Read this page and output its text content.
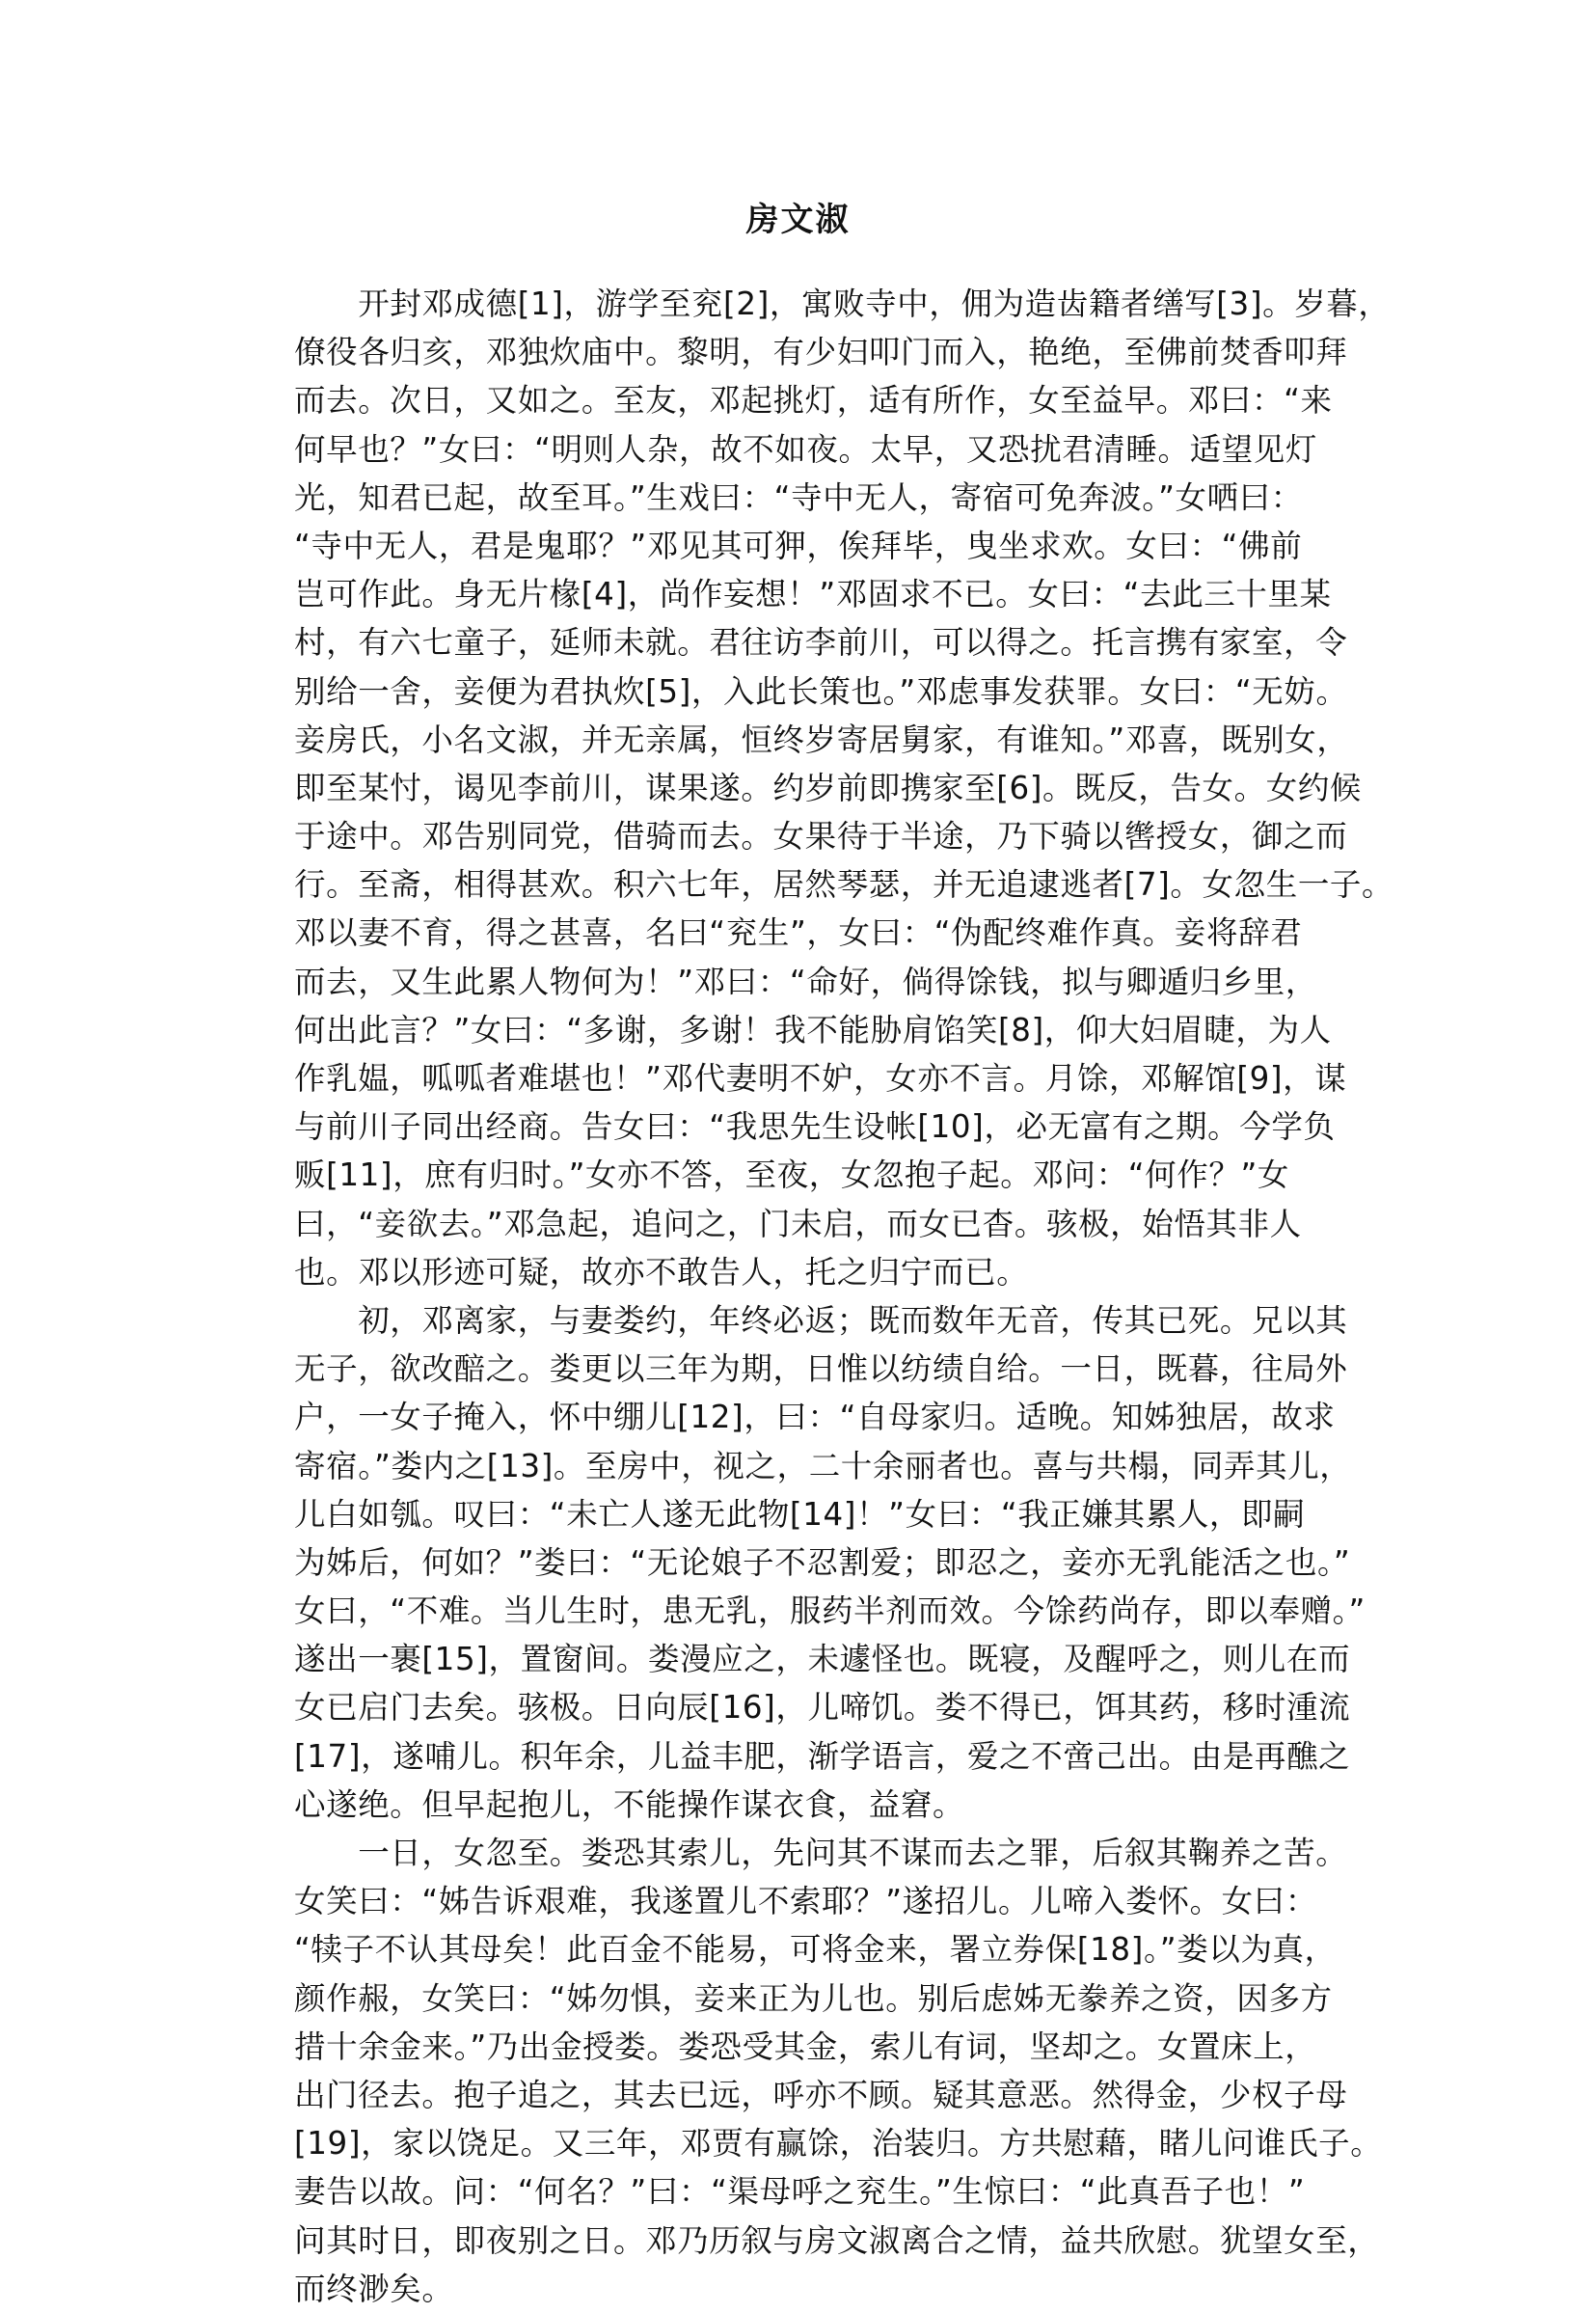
房文淑
　　开封邓成德[1]，游学至兖[2]，寓败寺中，佣为造齿籍者缮写[3]。岁暮，
僚役各归亥，邓独炊庙中。黎明，有少妇叩门而入，艳绝，至佛前焚香叩拜
而去。次日，又如之。至友，邓起挑灯，适有所作，女至益早。邓曰：“来
何早也？”女曰：“明则人杂，故不如夜。太早，又恐扰君清睡。适望见灯
光，知君已起，故至耳。”生戏曰：“寺中无人，寄宿可免奔波。”女哂曰：
“寺中无人，君是鬼耶？”邓见其可狎，俟拜毕，曳坐求欢。女曰：“佛前
岂可作此。身无片椽[4]，尚作妄想！”邓固求不已。女曰：“去此三十里某
村，有六七童子，延师未就。君往访李前川，可以得之。托言携有家室，令
别给一舍，妾便为君执炊[5]，入此长策也。”邓虑事发获罪。女曰：“无妨。
妾房氏，小名文淑，并无亲属，恒终岁寄居舅家，有谁知。”邓喜，既别女，
即至某忖，谒见李前川，谋果遂。约岁前即携家至[6]。既反，告女。女约候
于途中。邓告别同党，借骑而去。女果待于半途，乃下骑以辔授女，御之而
行。至斋，相得甚欢。积六七年，居然琴瑟，并无追逮逃者[7]。女忽生一子。
邓以妻不育，得之甚喜，名曰“兖生”，女曰：“伪配终难作真。妾将辞君
而去，又生此累人物何为！”邓曰：“命好，倘得馀钱，拟与卿遁归乡里，
何出此言？”女曰：“多谢，多谢！我不能胁肩馅笑[8]，仰大妇眉睫，为人
作乳媪，呱呱者难堪也！”邓代妻明不妒，女亦不言。月馀，邓解馆[9]，谋
与前川子同出经商。告女曰：“我思先生设帐[10]，必无富有之期。今学负
贩[11]，庶有归时。”女亦不答，至夜，女忽抱子起。邓问：“何作？”女
曰，“妾欲去。”邓急起，追问之，门未启，而女已杳。骇极，始悟其非人
也。邓以形迹可疑，故亦不敢告人，托之归宁而已。
　　初，邓离家，与妻娄约，年终必返；既而数年无音，传其已死。兄以其
无子，欲改醅之。娄更以三年为期，日惟以纺绩自给。一日，既暮，往局外
户，一女子掩入，怀中绷儿[12]，曰：“自母家归。适晚。知姊独居，故求
寄宿。”娄内之[13]。至房中，视之，二十余丽者也。喜与共榻，同弄其儿，
儿白如瓠。叹曰：“未亡人遂无此物[14]！”女曰：“我正嫌其累人，即嗣
为姊后，何如？”娄曰：“无论娘子不忍割爱；即忍之，妾亦无乳能活之也。”
女曰，“不难。当儿生时，患无乳，服药半剂而效。今馀药尚存，即以奉赠。”
遂出一裹[15]，置窗间。娄漫应之，未遽怪也。既寝，及醒呼之，则儿在而
女已启门去矣。骇极。日向辰[16]，儿啼饥。娄不得已，饵其药，移时湩流
[17]，遂哺儿。积年余，儿益丰肥，渐学语言，爱之不啻己出。由是再醮之
心遂绝。但早起抱儿，不能操作谋衣食，益窘。
　　一日，女忽至。娄恐其索儿，先问其不谋而去之罪，后叙其鞠养之苦。
女笑曰：“姊告诉艰难，我遂置儿不索耶？”遂招儿。儿啼入娄怀。女曰：
“犊子不认其母矣！此百金不能易，可将金来，署立券保[18]。”娄以为真，
颜作赧，女笑曰：“姊勿惧，妾来正为儿也。别后虑姊无豢养之资，因多方
措十余金来。”乃出金授娄。娄恐受其金，索儿有词，坚却之。女置床上，
出门径去。抱子追之，其去已远，呼亦不顾。疑其意恶。然得金，少权子母
[19]，家以饶足。又三年，邓贾有赢馀，治装归。方共慰藉，睹儿问谁氏子。
妻告以故。问：“何名？”曰：“渠母呼之兖生。”生惊曰：“此真吾子也！”
问其时日，即夜别之日。邓乃历叙与房文淑离合之情，益共欣慰。犹望女至，
而终渺矣。
